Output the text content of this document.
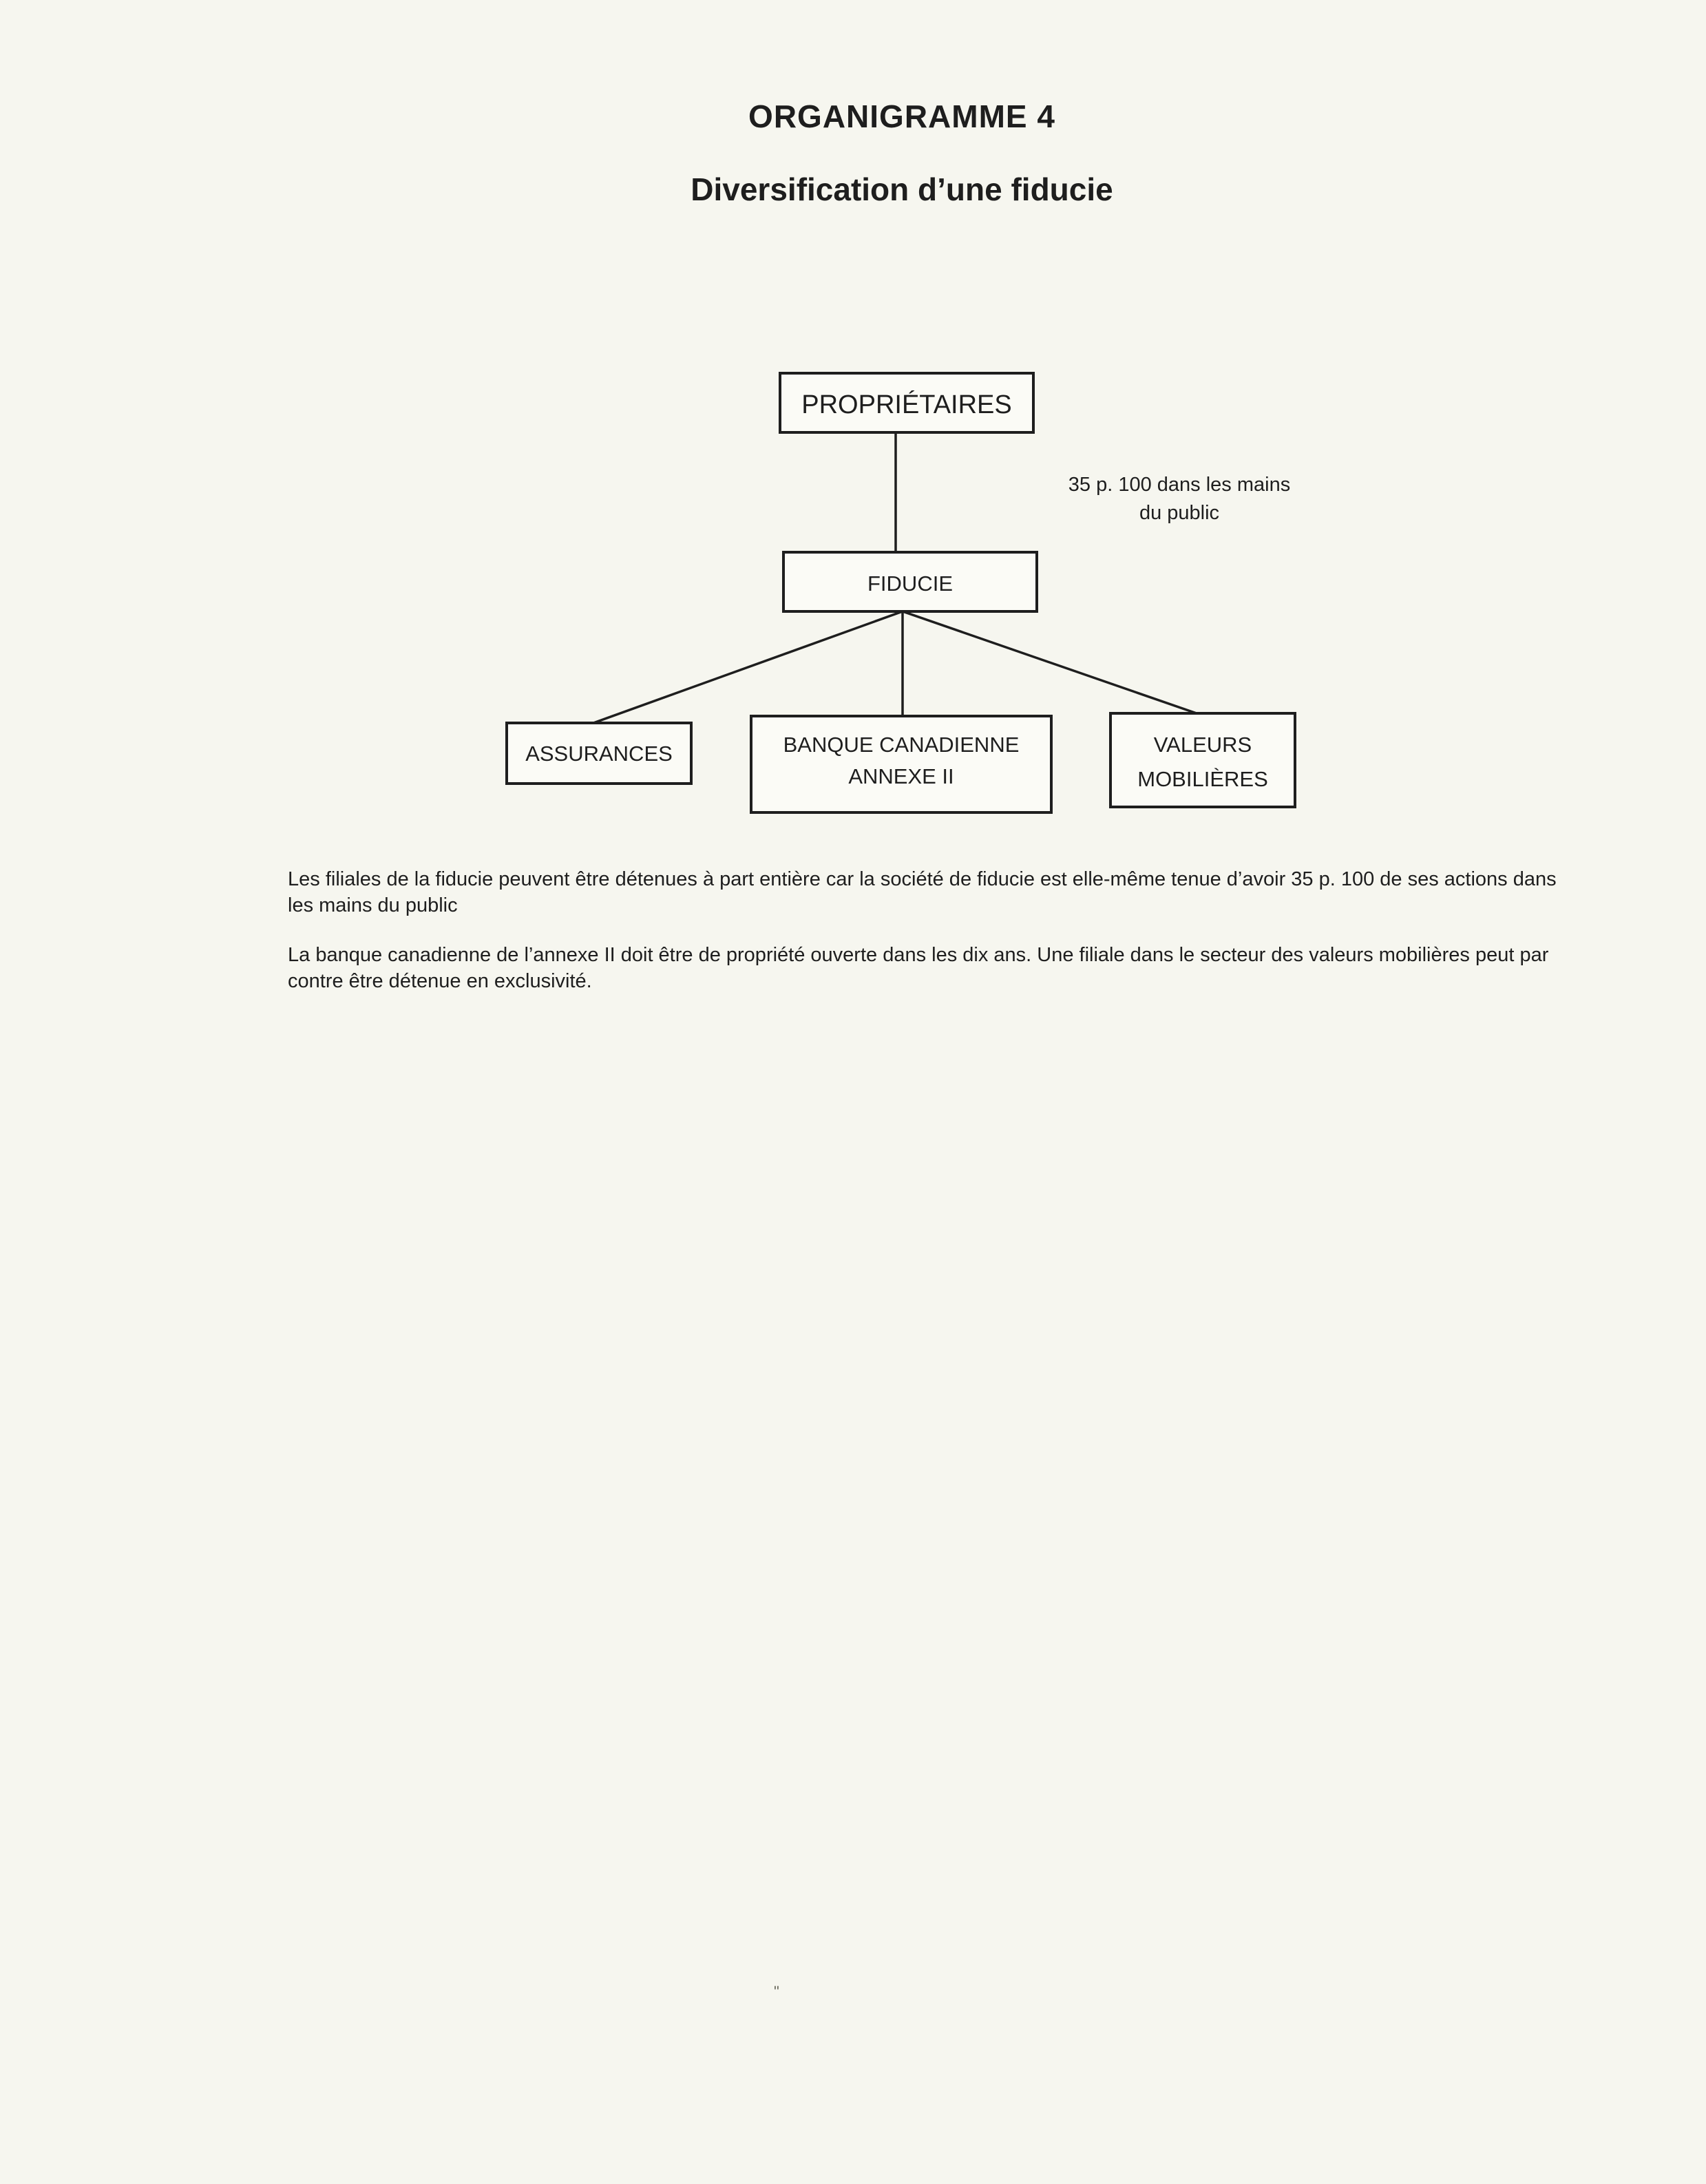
ORGANIGRAMME 4
Diversification d’une fiducie
PROPRIÉTAIRES
35 p. 100 dans les mains
du public
FIDUCIE
ASSURANCES	BANQUE CANADIENNE
ANNEXE II
VALEURS
MOBILIÈRES

Les filiales de la fiducie peuvent être détenues à part entière car la société de fiducie est elle-même tenue d’avoir 35 p. 100 de ses actions dans les mains du public

La banque canadienne de l’annexe II doit être de propriété ouverte dans les dix ans. Une filiale dans le secteur des valeurs mobilières peut par contre être détenue en exclusivité.

"
